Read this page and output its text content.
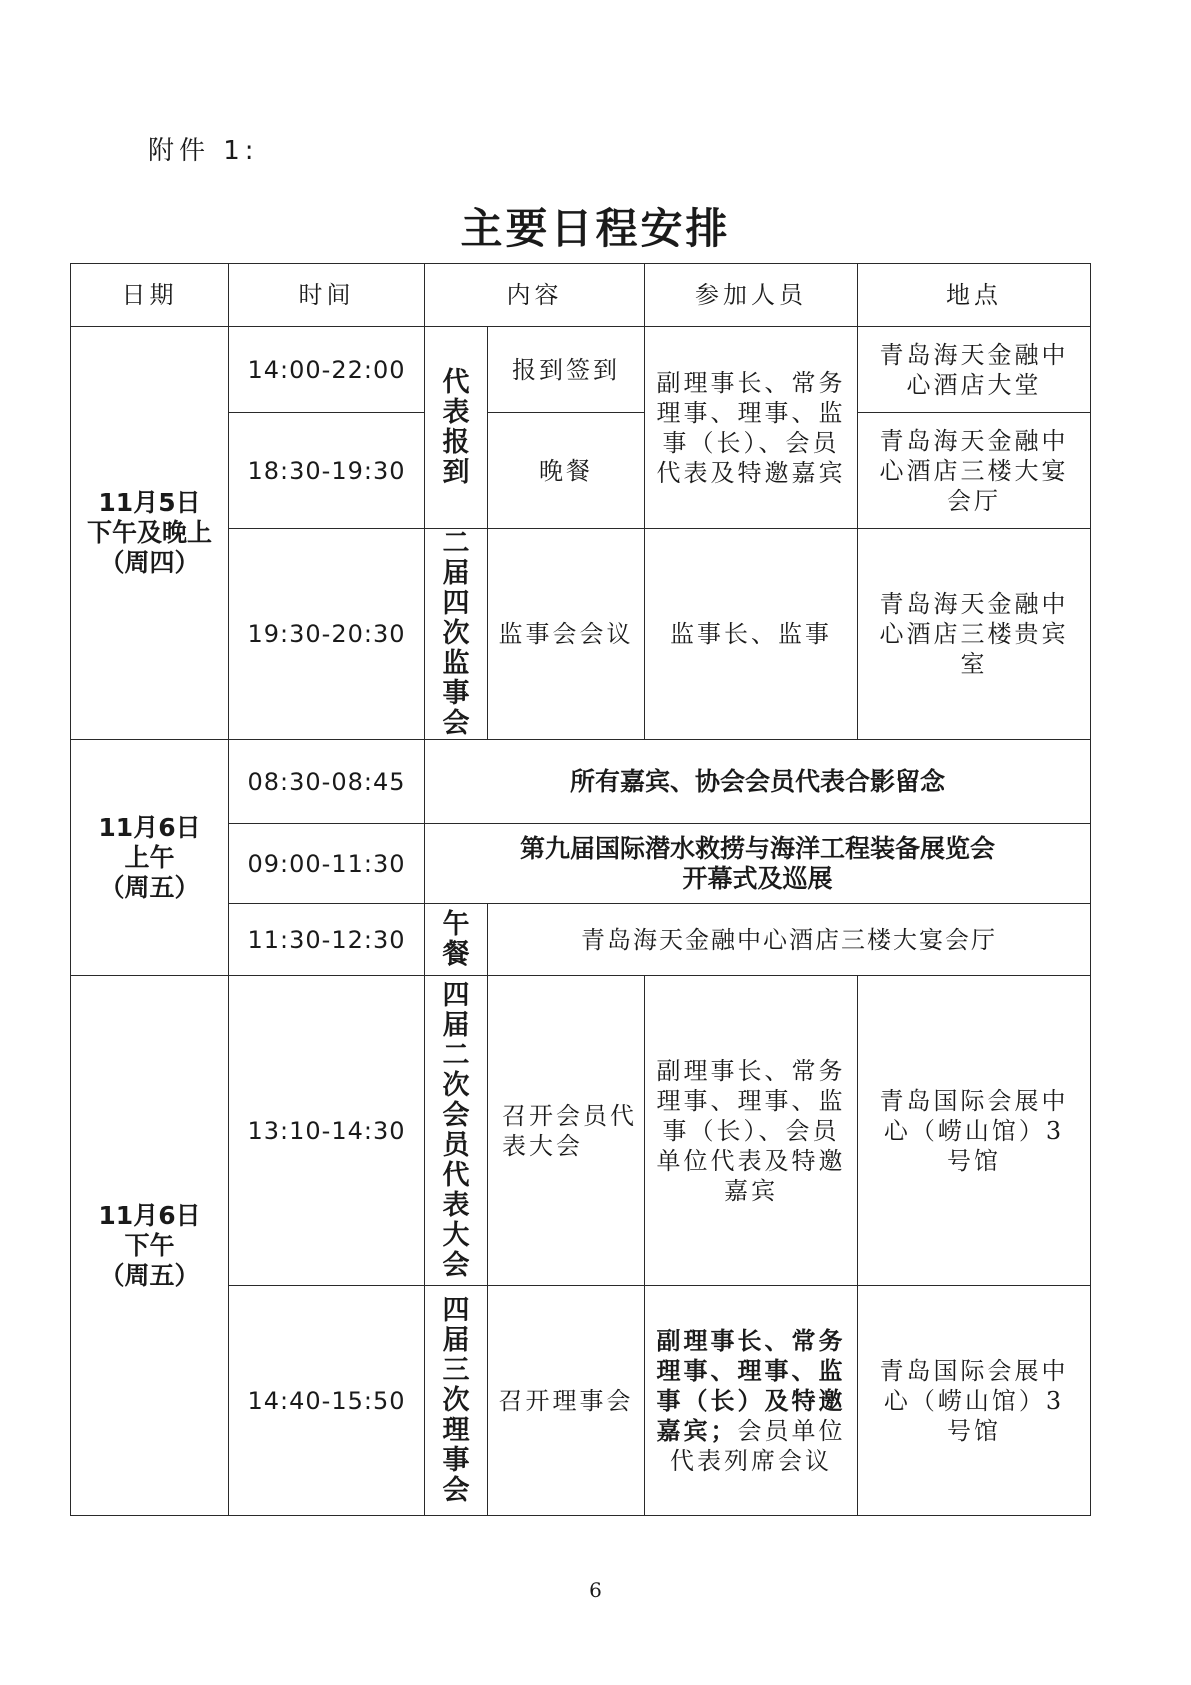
附件 1:
主要日程安排
日期	时间	内容		参加人员	地点
11月5日
下午及晚上
（周四）	14:00-22:00	代表报到	报到签到	副理事长、常务理事、理事、监事（长）、会员代表及特邀嘉宾	青岛海天金融中心酒店大堂
	18:30-19:30		晚餐		青岛海天金融中心酒店三楼大宴会厅
	19:30-20:30	二届四次监事会	监事会会议	监事长、监事	青岛海天金融中心酒店三楼贵宾室
11月6日
上午
（周五）	08:30-08:45	所有嘉宾、协会会员代表合影留念			
	09:00-11:30	第九届国际潜水救捞与海洋工程装备展览会
开幕式及巡展			
	11:30-12:30	午餐	青岛海天金融中心酒店三楼大宴会厅		
11月6日
下午
（周五）	13:10-14:30	四届二次会员代表大会	召开会员代表大会	副理事长、常务理事、理事、监事（长）、会员单位代表及特邀嘉宾	青岛国际会展中心（崂山馆）3号馆
	14:40-15:50	四届三次理事会	召开理事会	副理事长、常务理事、理事、监事（长）及特邀嘉宾；会员单位代表列席会议	青岛国际会展中心（崂山馆）3号馆
6
